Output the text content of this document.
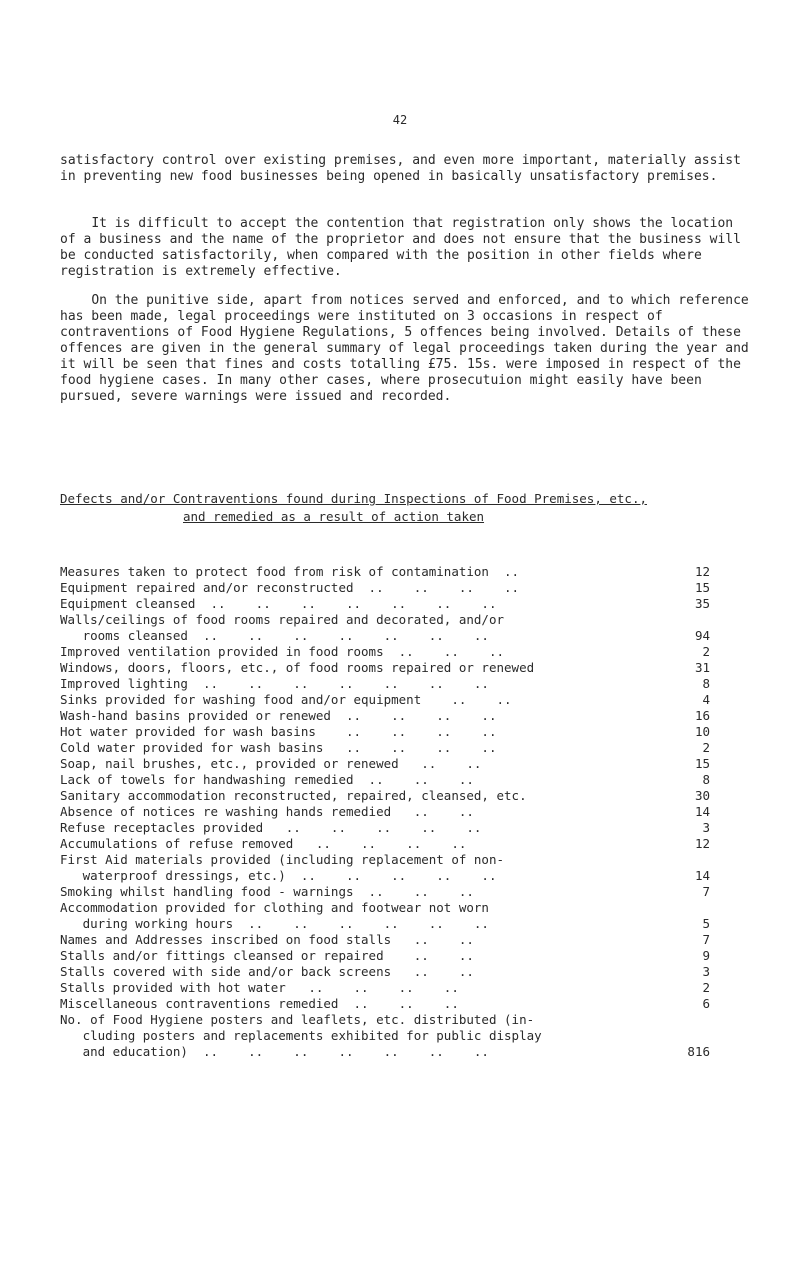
42

satisfactory control over existing premises, and even more important, materially assist in preventing new food businesses being opened in basically unsatisfactory premises.

It is difficult to accept the contention that registration only shows the location of a business and the name of the proprietor and does not ensure that the business will be conducted satisfactorily, when compared with the position in other fields where registration is extremely effective.

On the punitive side, apart from notices served and enforced, and to which reference has been made, legal proceedings were instituted on 3 occasions in respect of contraventions of Food Hygiene Regulations, 5 offences being involved. Details of these offences are given in the general summary of legal proceedings taken during the year and it will be seen that fines and costs totalling £75. 15s. were imposed in respect of the food hygiene cases. In many other cases, where prosecutuion might easily have been pursued, severe warnings were issued and recorded.

Defects and/or Contraventions found during Inspections of Food Premises, etc.,
and remedied as a result of action taken
Measures taken to protect food from risk of contamination  ..	12
Equipment repaired and/or reconstructed  ..    ..    ..    ..	15
Equipment cleansed  ..    ..    ..    ..    ..    ..    ..	35
Walls/ceilings of food rooms repaired and decorated, and/or
rooms cleansed  ..    ..    ..    ..    ..    ..    ..	94
Improved ventilation provided in food rooms  ..    ..    ..	2
Windows, doors, floors, etc., of food rooms repaired or renewed	31
Improved lighting  ..    ..    ..    ..    ..    ..    ..	8
Sinks provided for washing food and/or equipment    ..    ..	4
Wash-hand basins provided or renewed  ..    ..    ..    ..	16
Hot water provided for wash basins    ..    ..    ..    ..	10
Cold water provided for wash basins   ..    ..    ..    ..	2
Soap, nail brushes, etc., provided or renewed   ..    ..	15
Lack of towels for handwashing remedied  ..    ..    ..	8
Sanitary accommodation reconstructed, repaired, cleansed, etc.	30
Absence of notices re washing hands remedied   ..    ..	14
Refuse receptacles provided   ..    ..    ..    ..    ..	3
Accumulations of refuse removed   ..    ..    ..    ..	12
First Aid materials provided (including replacement of non-
waterproof dressings, etc.)  ..    ..    ..    ..    ..	14
Smoking whilst handling food - warnings  ..    ..    ..	7
Accommodation provided for clothing and footwear not worn
during working hours  ..    ..    ..    ..    ..    ..	5
Names and Addresses inscribed on food stalls   ..    ..	7
Stalls and/or fittings cleansed or repaired    ..    ..	9
Stalls covered with side and/or back screens   ..    ..	3
Stalls provided with hot water   ..    ..    ..    ..	2
Miscellaneous contraventions remedied  ..    ..    ..	6
No. of Food Hygiene posters and leaflets, etc. distributed (in-
cluding posters and replacements exhibited for public display
and education)  ..    ..    ..    ..    ..    ..    ..	816
